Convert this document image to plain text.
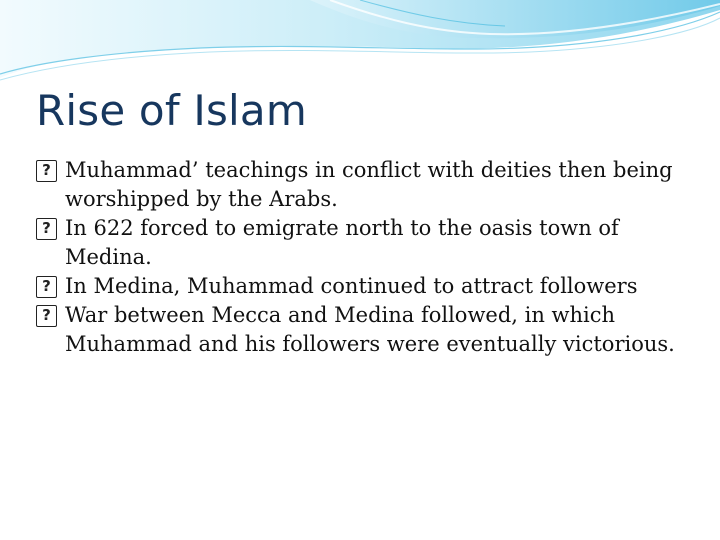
Rise of Islam
? Muhammad’ teachings in conflict with deities then being worshipped by the Arabs.
? In 622 forced to emigrate north to the oasis town of Medina.
? In Medina, Muhammad continued to attract followers
? War between Mecca and Medina followed, in which Muhammad and his followers were eventually victorious.
